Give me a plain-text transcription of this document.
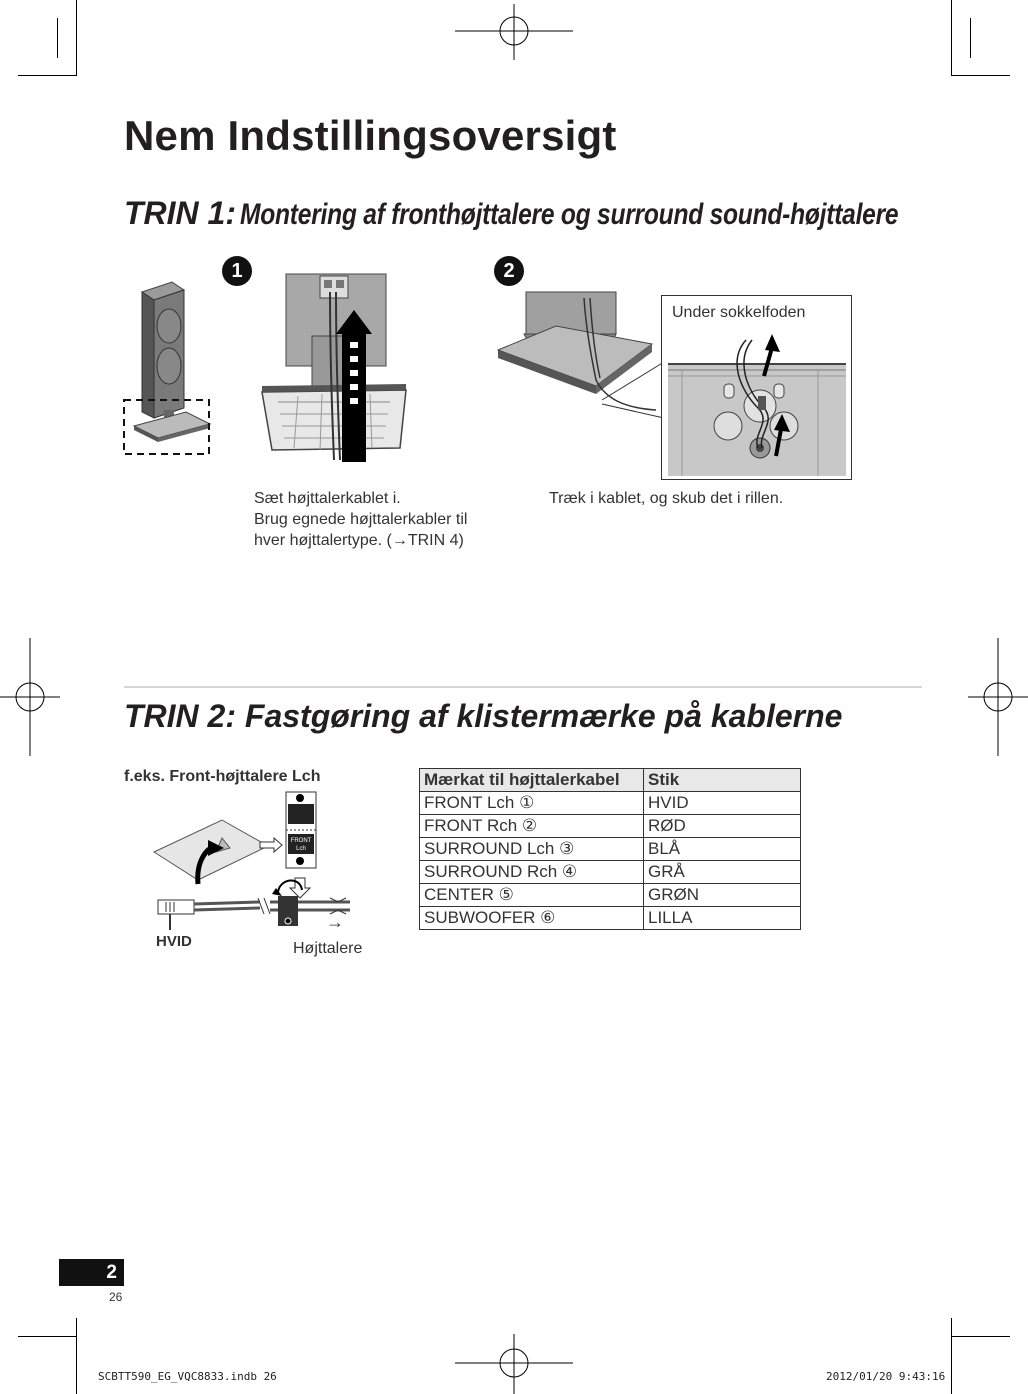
Nem Indstillingsoversigt
TRIN 1: Montering af fronthøjttalere og surround sound-højttalere
1	2
Under sokkelfoden
Sæt højttalerkablet i.
Brug egnede højttalerkabler til
hver højttalertype. (→TRIN 4)
Træk i kablet, og skub det i rillen.
TRIN 2: Fastgøring af klistermærke på kablerne
f.eks. Front-højttalere Lch
FRONT
Lch
HVID
→
Højttalere
Mærkat til højttalerkabel	Stik
FRONT Lch ①	HVID
FRONT Rch ②	RØD
SURROUND Lch ③	BLÅ
SURROUND Rch ④	GRÅ
CENTER ⑤	GRØN
SUBWOOFER ⑥	LILLA
2
26
SCBTT590_EG_VQC8833.indb 26	2012/01/20 9:43:16
